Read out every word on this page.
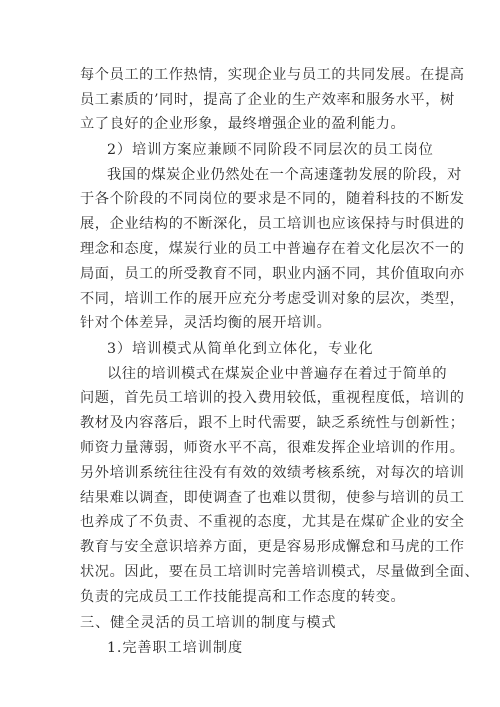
每个员工的工作热情，实现企业与员工的共同发展。在提高
员工素质的’同时，提高了企业的生产效率和服务水平，树
立了良好的企业形象，最终增强企业的盈利能力。
2）培训方案应兼顾不同阶段不同层次的员工岗位
我国的煤炭企业仍然处在一个高速蓬勃发展的阶段，对
于各个阶段的不同岗位的要求是不同的，随着科技的不断发
展，企业结构的不断深化，员工培训也应该保持与时俱进的
理念和态度，煤炭行业的员工中普遍存在着文化层次不一的
局面，员工的所受教育不同，职业内涵不同，其价值取向亦
不同，培训工作的展开应充分考虑受训对象的层次，类型，
针对个体差异，灵活均衡的展开培训。
3）培训模式从简单化到立体化，专业化
以往的培训模式在煤炭企业中普遍存在着过于简单的
问题，首先员工培训的投入费用较低，重视程度低，培训的
教材及内容落后，跟不上时代需要，缺乏系统性与创新性；
师资力量薄弱，师资水平不高，很难发挥企业培训的作用。
另外培训系统往往没有有效的效绩考核系统，对每次的培训
结果难以调查，即使调查了也难以贯彻，使参与培训的员工
也养成了不负责、不重视的态度，尤其是在煤矿企业的安全
教育与安全意识培养方面，更是容易形成懈怠和马虎的工作
状况。因此，要在员工培训时完善培训模式，尽量做到全面、
负责的完成员工工作技能提高和工作态度的转变。
三、健全灵活的员工培训的制度与模式
1.完善职工培训制度
